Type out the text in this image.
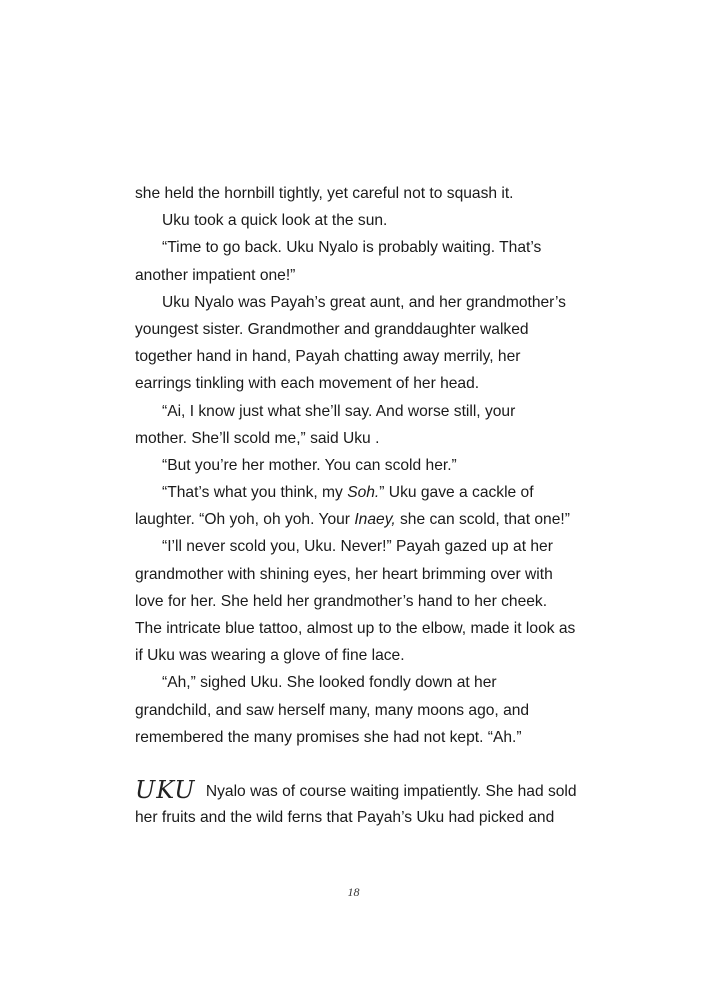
she held the hornbill tightly, yet careful not to squash it.
Uku took a quick look at the sun.
“Time to go back. Uku Nyalo is probably waiting. That’s
another impatient one!”
Uku Nyalo was Payah’s great aunt, and her grandmother’s
youngest sister. Grandmother and granddaughter walked
together hand in hand, Payah chatting away merrily, her
earrings tinkling with each movement of her head.
“Ai, I know just what she’ll say. And worse still, your
mother. She’ll scold me,” said Uku .
“But you’re her mother. You can scold her.”
“That’s what you think, my Soh.” Uku gave a cackle of
laughter. “Oh yoh, oh yoh. Your Inaey, she can scold, that one!”
“I’ll never scold you, Uku. Never!” Payah gazed up at her
grandmother with shining eyes, her heart brimming over with
love for her. She held her grandmother’s hand to her cheek.
The intricate blue tattoo, almost up to the elbow, made it look as
if Uku was wearing a glove of fine lace.
“Ah,” sighed Uku. She looked fondly down at her
grandchild, and saw herself many, many moons ago, and
remembered the many promises she had not kept. “Ah.”
UKU Nyalo was of course waiting impatiently. She had sold
her fruits and the wild ferns that Payah’s Uku had picked and
18
